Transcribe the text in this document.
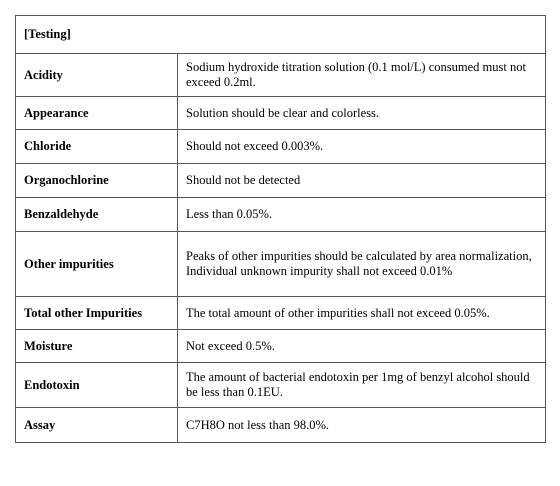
[Testing]	
Acidity	Sodium hydroxide titration solution (0.1 mol/L) consumed must not exceed 0.2ml.
Appearance	Solution should be clear and colorless.
Chloride	Should not exceed 0.003%.
Organochlorine	Should not be detected
Benzaldehyde	Less than 0.05%.
Other impurities	Peaks of other impurities should be calculated by area normalization, Individual unknown impurity shall not exceed 0.01%
Total other Impurities	The total amount of other impurities shall not exceed 0.05%.
Moisture	Not exceed 0.5%.
Endotoxin	The amount of bacterial endotoxin per 1mg of benzyl alcohol should be less than 0.1EU.
Assay	C7H8O not less than 98.0%.
